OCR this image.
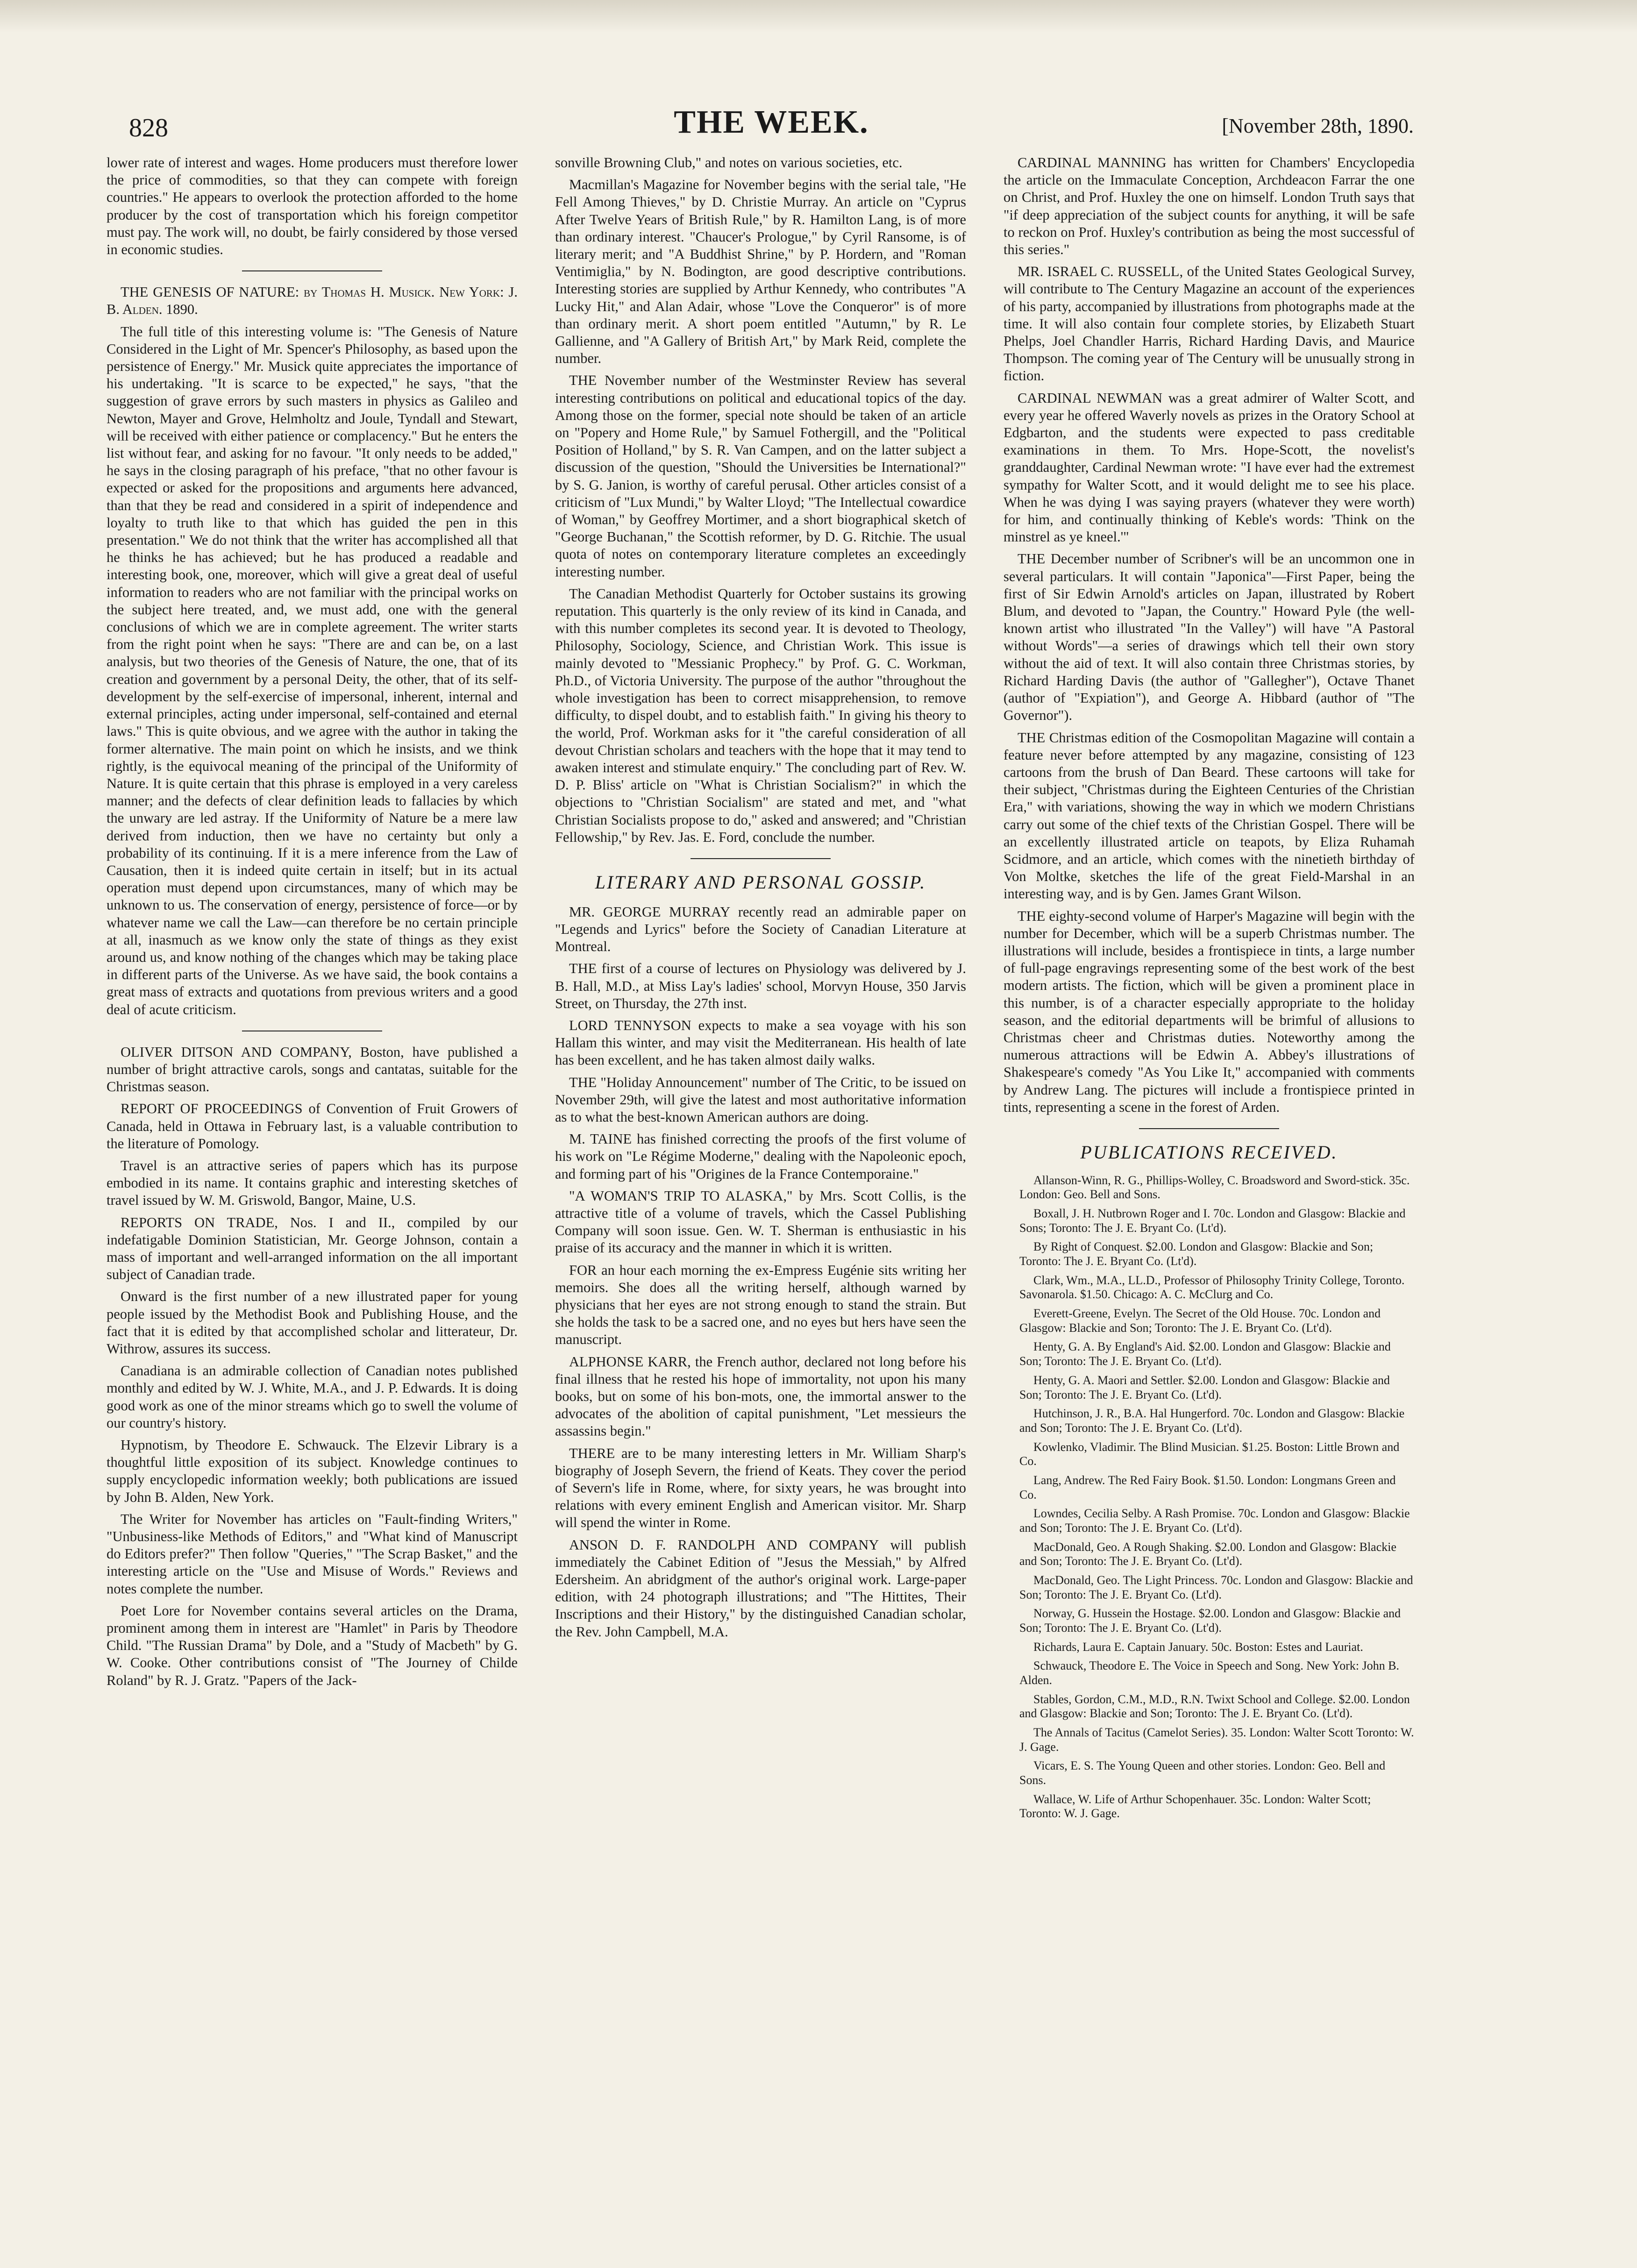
828	THE WEEK.	[November 28th, 1890.

lower rate of interest and wages. Home producers must therefore lower the price of commodities, so that they can compete with foreign countries." He appears to overlook the protection afforded to the home producer by the cost of transportation which his foreign competitor must pay. The work will, no doubt, be fairly considered by those versed in economic studies.

THE GENESIS OF NATURE: by Thomas H. Musick. New York: J. B. Alden. 1890.

The full title of this interesting volume is: "The Genesis of Nature Considered in the Light of Mr. Spencer's Philosophy, as based upon the persistence of Energy." Mr. Musick quite appreciates the importance of his undertaking. "It is scarce to be expected," he says, "that the suggestion of grave errors by such masters in physics as Galileo and Newton, Mayer and Grove, Helmholtz and Joule, Tyndall and Stewart, will be received with either patience or complacency." But he enters the list without fear, and asking for no favour. "It only needs to be added," he says in the closing paragraph of his preface, "that no other favour is expected or asked for the propositions and arguments here advanced, than that they be read and considered in a spirit of independence and loyalty to truth like to that which has guided the pen in this presentation." We do not think that the writer has accomplished all that he thinks he has achieved; but he has produced a readable and interesting book, one, moreover, which will give a great deal of useful information to readers who are not familiar with the principal works on the subject here treated, and, we must add, one with the general conclusions of which we are in complete agreement. The writer starts from the right point when he says: "There are and can be, on a last analysis, but two theories of the Genesis of Nature, the one, that of its creation and government by a personal Deity, the other, that of its self-development by the self-exercise of impersonal, inherent, internal and external principles, acting under impersonal, self-contained and eternal laws." This is quite obvious, and we agree with the author in taking the former alternative. The main point on which he insists, and we think rightly, is the equivocal meaning of the principal of the Uniformity of Nature. It is quite certain that this phrase is employed in a very careless manner; and the defects of clear definition leads to fallacies by which the unwary are led astray. If the Uniformity of Nature be a mere law derived from induction, then we have no certainty but only a probability of its continuing. If it is a mere inference from the Law of Causation, then it is indeed quite certain in itself; but in its actual operation must depend upon circumstances, many of which may be unknown to us. The conservation of energy, persistence of force—or by whatever name we call the Law—can therefore be no certain principle at all, inasmuch as we know only the state of things as they exist around us, and know nothing of the changes which may be taking place in different parts of the Universe. As we have said, the book contains a great mass of extracts and quotations from previous writers and a good deal of acute criticism.

OLIVER DITSON AND COMPANY, Boston, have published a number of bright attractive carols, songs and cantatas, suitable for the Christmas season.

REPORT OF PROCEEDINGS of Convention of Fruit Growers of Canada, held in Ottawa in February last, is a valuable contribution to the literature of Pomology.

Travel is an attractive series of papers which has its purpose embodied in its name. It contains graphic and interesting sketches of travel issued by W. M. Griswold, Bangor, Maine, U.S.

REPORTS ON TRADE, Nos. I and II., compiled by our indefatigable Dominion Statistician, Mr. George Johnson, contain a mass of important and well-arranged information on the all important subject of Canadian trade.

Onward is the first number of a new illustrated paper for young people issued by the Methodist Book and Publishing House, and the fact that it is edited by that accomplished scholar and litterateur, Dr. Withrow, assures its success.

Canadiana is an admirable collection of Canadian notes published monthly and edited by W. J. White, M.A., and J. P. Edwards. It is doing good work as one of the minor streams which go to swell the volume of our country's history.

Hypnotism, by Theodore E. Schwauck. The Elzevir Library is a thoughtful little exposition of its subject. Knowledge continues to supply encyclopedic information weekly; both publications are issued by John B. Alden, New York.

The Writer for November has articles on "Fault-finding Writers," "Unbusiness-like Methods of Editors," and "What kind of Manuscript do Editors prefer?" Then follow "Queries," "The Scrap Basket," and the interesting article on the "Use and Misuse of Words." Reviews and notes complete the number.

Poet Lore for November contains several articles on the Drama, prominent among them in interest are "Hamlet" in Paris by Theodore Child. "The Russian Drama" by Dole, and a "Study of Macbeth" by G. W. Cooke. Other contributions consist of "The Journey of Childe Roland" by R. J. Gratz. "Papers of the Jack-

sonville Browning Club," and notes on various societies, etc.

Macmillan's Magazine for November begins with the serial tale, "He Fell Among Thieves," by D. Christie Murray. An article on "Cyprus After Twelve Years of British Rule," by R. Hamilton Lang, is of more than ordinary interest. "Chaucer's Prologue," by Cyril Ransome, is of literary merit; and "A Buddhist Shrine," by P. Hordern, and "Roman Ventimiglia," by N. Bodington, are good descriptive contributions. Interesting stories are supplied by Arthur Kennedy, who contributes "A Lucky Hit," and Alan Adair, whose "Love the Conqueror" is of more than ordinary merit. A short poem entitled "Autumn," by R. Le Gallienne, and "A Gallery of British Art," by Mark Reid, complete the number.

THE November number of the Westminster Review has several interesting contributions on political and educational topics of the day. Among those on the former, special note should be taken of an article on "Popery and Home Rule," by Samuel Fothergill, and the "Political Position of Holland," by S. R. Van Campen, and on the latter subject a discussion of the question, "Should the Universities be International?" by S. G. Janion, is worthy of careful perusal. Other articles consist of a criticism of "Lux Mundi," by Walter Lloyd; "The Intellectual cowardice of Woman," by Geoffrey Mortimer, and a short biographical sketch of "George Buchanan," the Scottish reformer, by D. G. Ritchie. The usual quota of notes on contemporary literature completes an exceedingly interesting number.

The Canadian Methodist Quarterly for October sustains its growing reputation. This quarterly is the only review of its kind in Canada, and with this number completes its second year. It is devoted to Theology, Philosophy, Sociology, Science, and Christian Work. This issue is mainly devoted to "Messianic Prophecy." by Prof. G. C. Workman, Ph.D., of Victoria University. The purpose of the author "throughout the whole investigation has been to correct misapprehension, to remove difficulty, to dispel doubt, and to establish faith." In giving his theory to the world, Prof. Workman asks for it "the careful consideration of all devout Christian scholars and teachers with the hope that it may tend to awaken interest and stimulate enquiry." The concluding part of Rev. W. D. P. Bliss' article on "What is Christian Socialism?" in which the objections to "Christian Socialism" are stated and met, and "what Christian Socialists propose to do," asked and answered; and "Christian Fellowship," by Rev. Jas. E. Ford, conclude the number.

LITERARY AND PERSONAL GOSSIP.

MR. GEORGE MURRAY recently read an admirable paper on "Legends and Lyrics" before the Society of Canadian Literature at Montreal.

THE first of a course of lectures on Physiology was delivered by J. B. Hall, M.D., at Miss Lay's ladies' school, Morvyn House, 350 Jarvis Street, on Thursday, the 27th inst.

LORD TENNYSON expects to make a sea voyage with his son Hallam this winter, and may visit the Mediterranean. His health of late has been excellent, and he has taken almost daily walks.

THE "Holiday Announcement" number of The Critic, to be issued on November 29th, will give the latest and most authoritative information as to what the best-known American authors are doing.

M. TAINE has finished correcting the proofs of the first volume of his work on "Le Régime Moderne," dealing with the Napoleonic epoch, and forming part of his "Origines de la France Contemporaine."

"A WOMAN'S TRIP TO ALASKA," by Mrs. Scott Collis, is the attractive title of a volume of travels, which the Cassel Publishing Company will soon issue. Gen. W. T. Sherman is enthusiastic in his praise of its accuracy and the manner in which it is written.

FOR an hour each morning the ex-Empress Eugénie sits writing her memoirs. She does all the writing herself, although warned by physicians that her eyes are not strong enough to stand the strain. But she holds the task to be a sacred one, and no eyes but hers have seen the manuscript.

ALPHONSE KARR, the French author, declared not long before his final illness that he rested his hope of immortality, not upon his many books, but on some of his bon-mots, one, the immortal answer to the advocates of the abolition of capital punishment, "Let messieurs the assassins begin."

THERE are to be many interesting letters in Mr. William Sharp's biography of Joseph Severn, the friend of Keats. They cover the period of Severn's life in Rome, where, for sixty years, he was brought into relations with every eminent English and American visitor. Mr. Sharp will spend the winter in Rome.

ANSON D. F. RANDOLPH AND COMPANY will publish immediately the Cabinet Edition of "Jesus the Messiah," by Alfred Edersheim. An abridgment of the author's original work. Large-paper edition, with 24 photograph illustrations; and "The Hittites, Their Inscriptions and their History," by the distinguished Canadian scholar, the Rev. John Campbell, M.A.

CARDINAL MANNING has written for Chambers' Encyclopedia the article on the Immaculate Conception, Archdeacon Farrar the one on Christ, and Prof. Huxley the one on himself. London Truth says that "if deep appreciation of the subject counts for anything, it will be safe to reckon on Prof. Huxley's contribution as being the most successful of this series."

MR. ISRAEL C. RUSSELL, of the United States Geological Survey, will contribute to The Century Magazine an account of the experiences of his party, accompanied by illustrations from photographs made at the time. It will also contain four complete stories, by Elizabeth Stuart Phelps, Joel Chandler Harris, Richard Harding Davis, and Maurice Thompson. The coming year of The Century will be unusually strong in fiction.

CARDINAL NEWMAN was a great admirer of Walter Scott, and every year he offered Waverly novels as prizes in the Oratory School at Edgbarton, and the students were expected to pass creditable examinations in them. To Mrs. Hope-Scott, the novelist's granddaughter, Cardinal Newman wrote: "I have ever had the extremest sympathy for Walter Scott, and it would delight me to see his place. When he was dying I was saying prayers (whatever they were worth) for him, and continually thinking of Keble's words: 'Think on the minstrel as ye kneel.'"

THE December number of Scribner's will be an uncommon one in several particulars. It will contain "Japonica"—First Paper, being the first of Sir Edwin Arnold's articles on Japan, illustrated by Robert Blum, and devoted to "Japan, the Country." Howard Pyle (the well-known artist who illustrated "In the Valley") will have "A Pastoral without Words"—a series of drawings which tell their own story without the aid of text. It will also contain three Christmas stories, by Richard Harding Davis (the author of "Gallegher"), Octave Thanet (author of "Expiation"), and George A. Hibbard (author of "The Governor").

THE Christmas edition of the Cosmopolitan Magazine will contain a feature never before attempted by any magazine, consisting of 123 cartoons from the brush of Dan Beard. These cartoons will take for their subject, "Christmas during the Eighteen Centuries of the Christian Era," with variations, showing the way in which we modern Christians carry out some of the chief texts of the Christian Gospel. There will be an excellently illustrated article on teapots, by Eliza Ruhamah Scidmore, and an article, which comes with the ninetieth birthday of Von Moltke, sketches the life of the great Field-Marshal in an interesting way, and is by Gen. James Grant Wilson.

THE eighty-second volume of Harper's Magazine will begin with the number for December, which will be a superb Christmas number. The illustrations will include, besides a frontispiece in tints, a large number of full-page engravings representing some of the best work of the best modern artists. The fiction, which will be given a prominent place in this number, is of a character especially appropriate to the holiday season, and the editorial departments will be brimful of allusions to Christmas cheer and Christmas duties. Noteworthy among the numerous attractions will be Edwin A. Abbey's illustrations of Shakespeare's comedy "As You Like It," accompanied with comments by Andrew Lang. The pictures will include a frontispiece printed in tints, representing a scene in the forest of Arden.

PUBLICATIONS RECEIVED.

Allanson-Winn, R. G., Phillips-Wolley, C. Broadsword and Sword-stick. 35c. London: Geo. Bell and Sons.

Boxall, J. H. Nutbrown Roger and I. 70c. London and Glasgow: Blackie and Sons; Toronto: The J. E. Bryant Co. (Lt'd).

By Right of Conquest. $2.00. London and Glasgow: Blackie and Son; Toronto: The J. E. Bryant Co. (Lt'd).

Clark, Wm., M.A., LL.D., Professor of Philosophy Trinity College, Toronto. Savonarola. $1.50. Chicago: A. C. McClurg and Co.

Everett-Greene, Evelyn. The Secret of the Old House. 70c. London and Glasgow: Blackie and Son; Toronto: The J. E. Bryant Co. (Lt'd).

Henty, G. A. By England's Aid. $2.00. London and Glasgow: Blackie and Son; Toronto: The J. E. Bryant Co. (Lt'd).

Henty, G. A. Maori and Settler. $2.00. London and Glasgow: Blackie and Son; Toronto: The J. E. Bryant Co. (Lt'd).

Hutchinson, J. R., B.A. Hal Hungerford. 70c. London and Glasgow: Blackie and Son; Toronto: The J. E. Bryant Co. (Lt'd).

Kowlenko, Vladimir. The Blind Musician. $1.25. Boston: Little Brown and Co.

Lang, Andrew. The Red Fairy Book. $1.50. London: Longmans Green and Co.

Lowndes, Cecilia Selby. A Rash Promise. 70c. London and Glasgow: Blackie and Son; Toronto: The J. E. Bryant Co. (Lt'd).

MacDonald, Geo. A Rough Shaking. $2.00. London and Glasgow: Blackie and Son; Toronto: The J. E. Bryant Co. (Lt'd).

MacDonald, Geo. The Light Princess. 70c. London and Glasgow: Blackie and Son; Toronto: The J. E. Bryant Co. (Lt'd).

Norway, G. Hussein the Hostage. $2.00. London and Glasgow: Blackie and Son; Toronto: The J. E. Bryant Co. (Lt'd).

Richards, Laura E. Captain January. 50c. Boston: Estes and Lauriat.

Schwauck, Theodore E. The Voice in Speech and Song. New York: John B. Alden.

Stables, Gordon, C.M., M.D., R.N. Twixt School and College. $2.00. London and Glasgow: Blackie and Son; Toronto: The J. E. Bryant Co. (Lt'd).

The Annals of Tacitus (Camelot Series). 35. London: Walter Scott Toronto: W. J. Gage.

Vicars, E. S. The Young Queen and other stories. London: Geo. Bell and Sons.

Wallace, W. Life of Arthur Schopenhauer. 35c. London: Walter Scott; Toronto: W. J. Gage.
